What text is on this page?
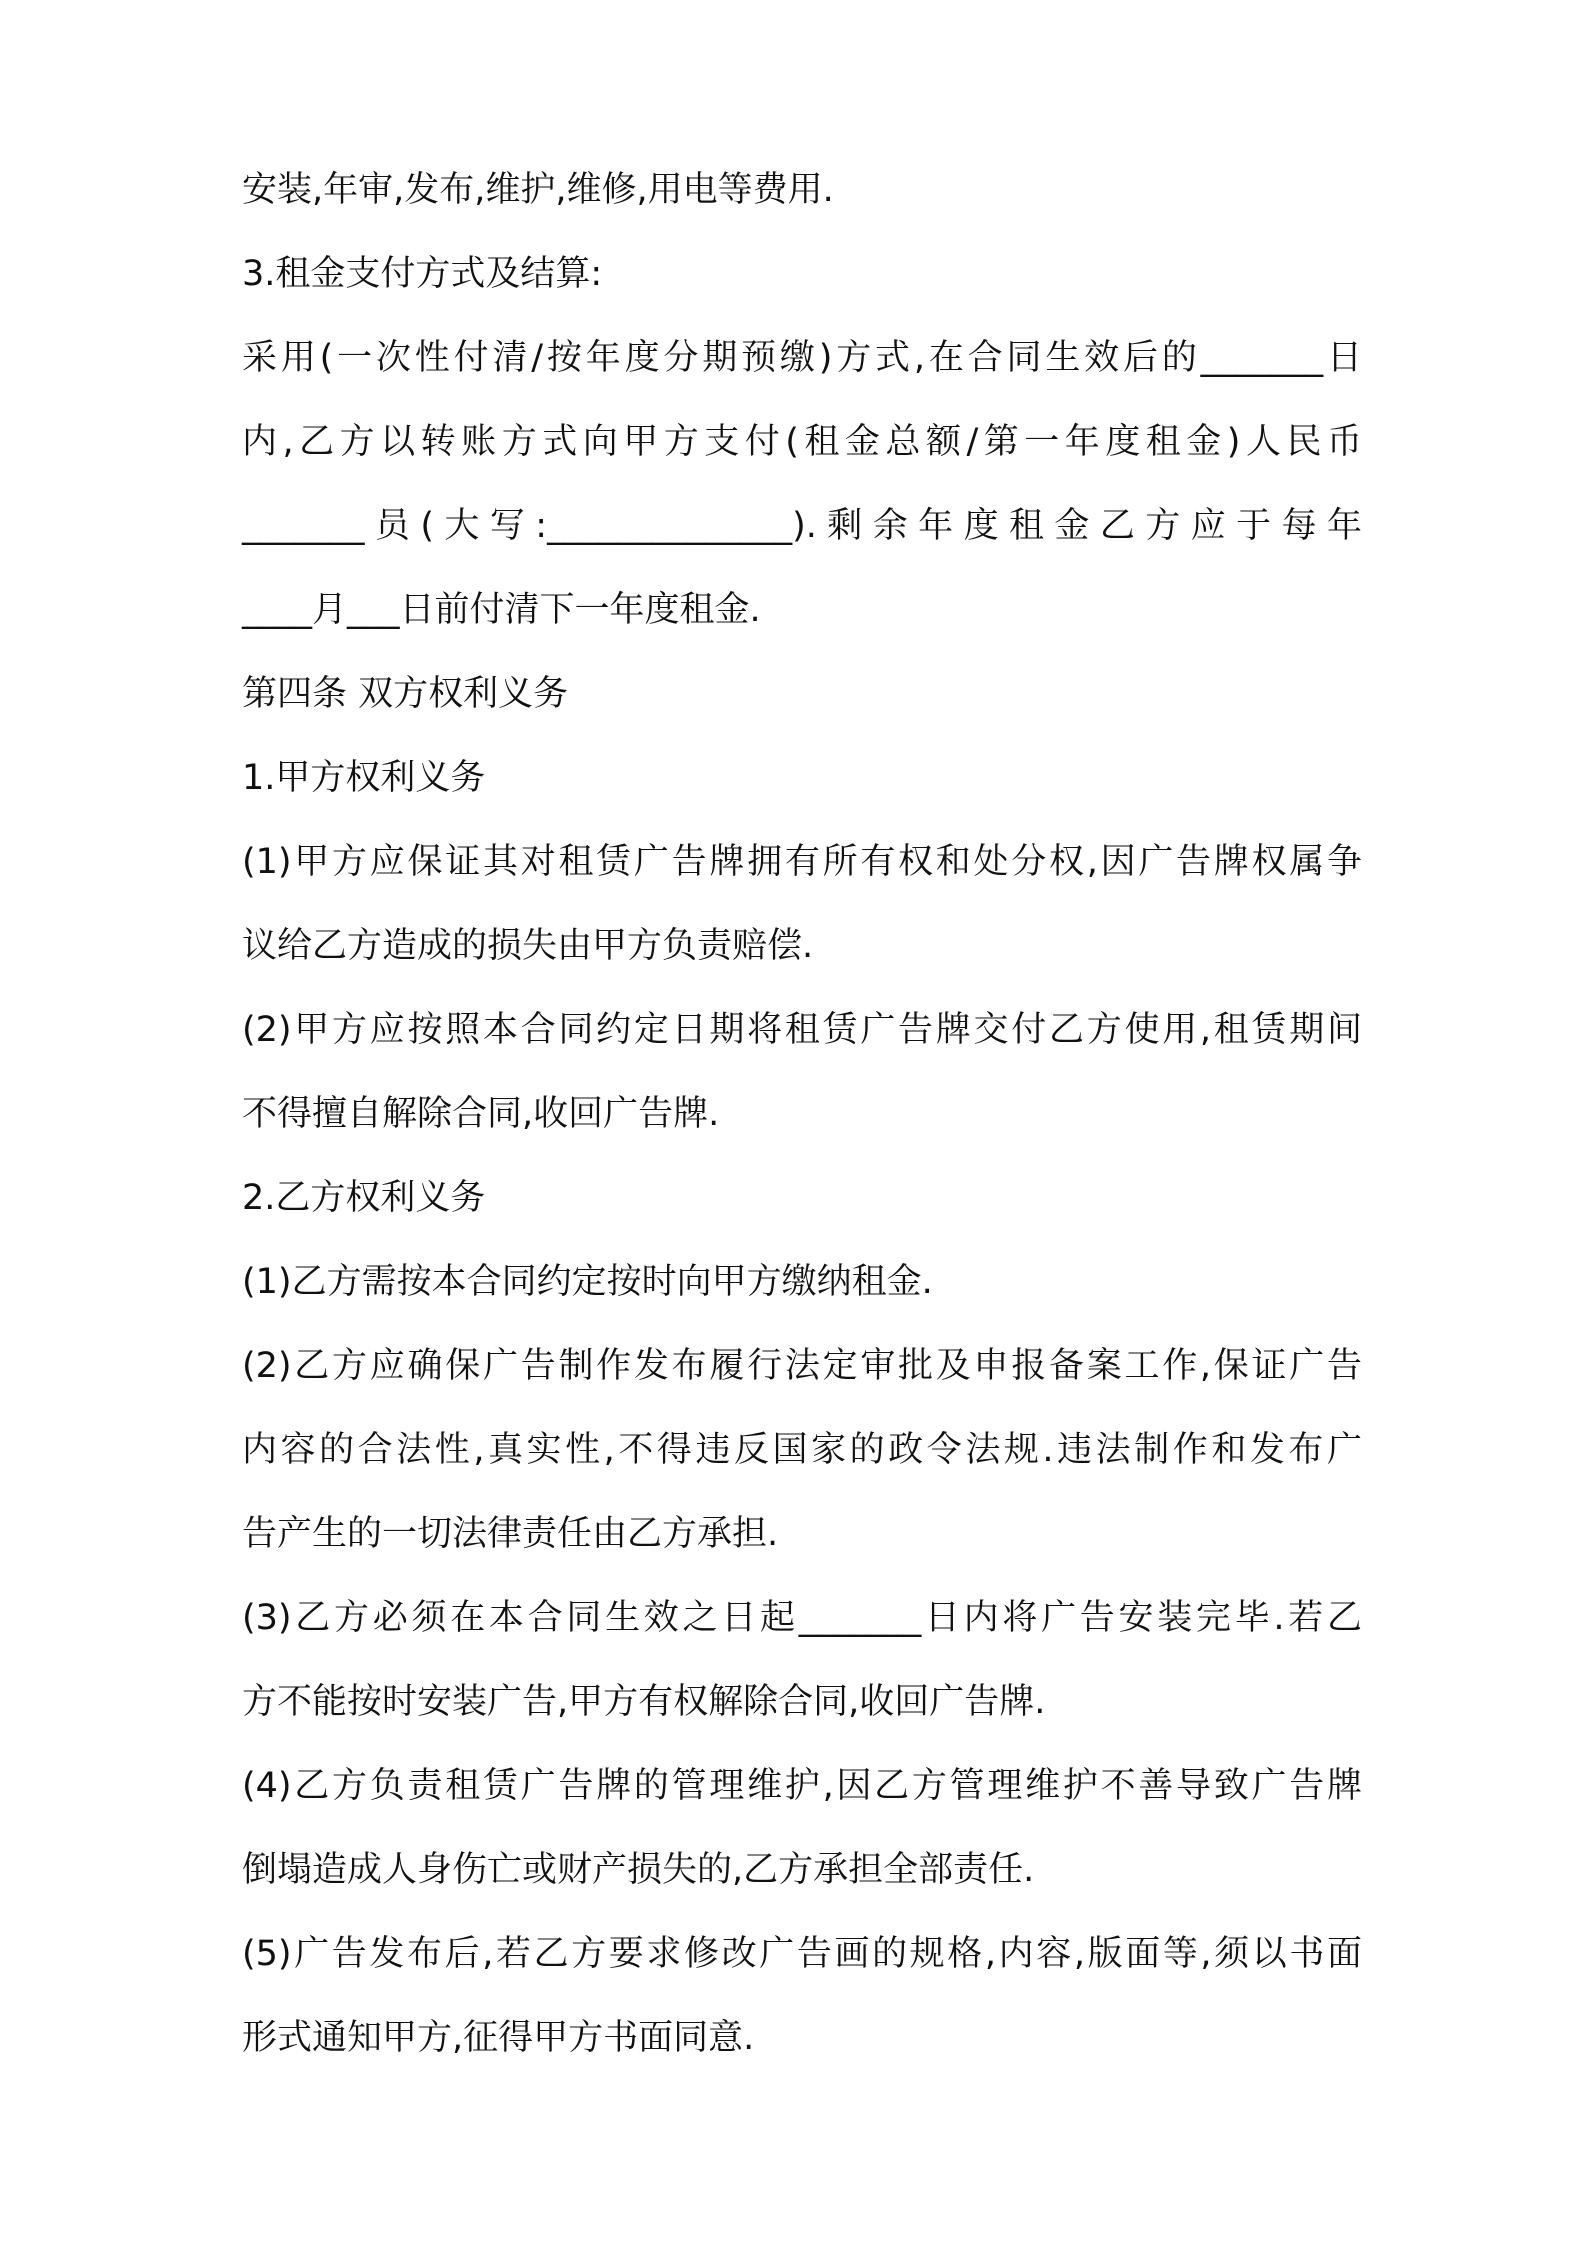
安装,年审,发布,维护,维修,用电等费用.
3.租金支付方式及结算:
采用(一次性付清/按年度分期预缴)方式,在合同生效后的_______日
内,乙方以转账方式向甲方支付(租金总额/第一年度租金)人民币
_______员(大写:______________).剩余年度租金乙方应于每年
____月___日前付清下一年度租金.
第四条 双方权利义务
1.甲方权利义务
(1)甲方应保证其对租赁广告牌拥有所有权和处分权,因广告牌权属争
议给乙方造成的损失由甲方负责赔偿.
(2)甲方应按照本合同约定日期将租赁广告牌交付乙方使用,租赁期间
不得擅自解除合同,收回广告牌.
2.乙方权利义务
(1)乙方需按本合同约定按时向甲方缴纳租金.
(2)乙方应确保广告制作发布履行法定审批及申报备案工作,保证广告
内容的合法性,真实性,不得违反国家的政令法规.违法制作和发布广
告产生的一切法律责任由乙方承担.
(3)乙方必须在本合同生效之日起_______日内将广告安装完毕.若乙
方不能按时安装广告,甲方有权解除合同,收回广告牌.
(4)乙方负责租赁广告牌的管理维护,因乙方管理维护不善导致广告牌
倒塌造成人身伤亡或财产损失的,乙方承担全部责任.
(5)广告发布后,若乙方要求修改广告画的规格,内容,版面等,须以书面
形式通知甲方,征得甲方书面同意.
